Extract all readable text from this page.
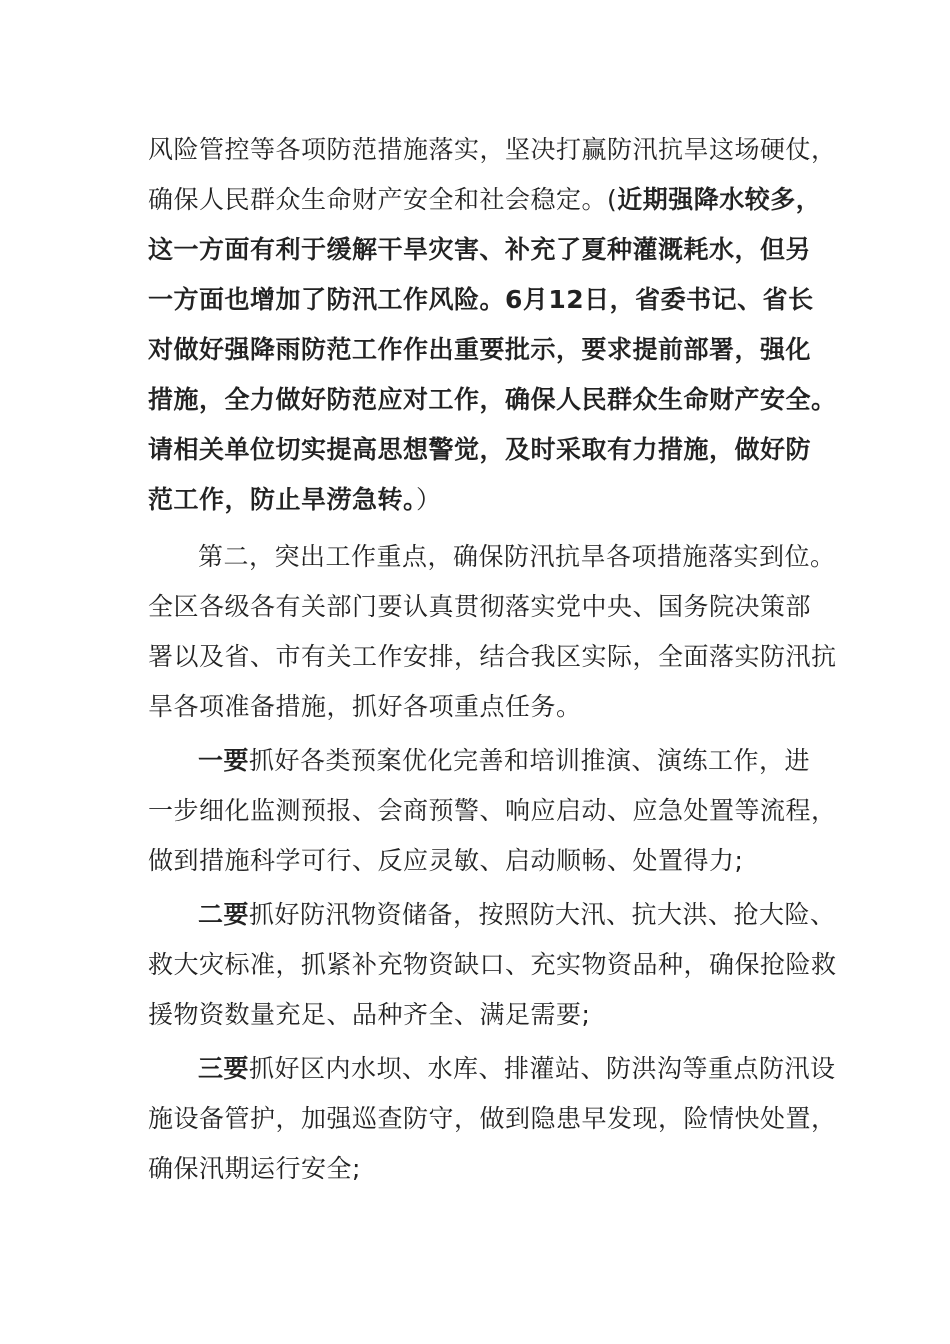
风险管控等各项防范措施落实，坚决打赢防汛抗旱这场硬仗，
确保人民群众生命财产安全和社会稳定。(近期强降水较多，
这一方面有利于缓解干旱灾害、补充了夏种灌溉耗水，但另
一方面也增加了防汛工作风险。6月12日，省委书记、省长
对做好强降雨防范工作作出重要批示，要求提前部署，强化
措施，全力做好防范应对工作，确保人民群众生命财产安全。
请相关单位切实提高思想警觉，及时采取有力措施，做好防
范工作，防止旱涝急转。）
第二，突出工作重点，确保防汛抗旱各项措施落实到位。
全区各级各有关部门要认真贯彻落实党中央、国务院决策部
署以及省、市有关工作安排，结合我区实际，全面落实防汛抗
旱各项准备措施，抓好各项重点任务。
一要抓好各类预案优化完善和培训推演、演练工作，进
一步细化监测预报、会商预警、响应启动、应急处置等流程，
做到措施科学可行、反应灵敏、启动顺畅、处置得力;
二要抓好防汛物资储备，按照防大汛、抗大洪、抢大险、
救大灾标准，抓紧补充物资缺口、充实物资品种，确保抢险救
援物资数量充足、品种齐全、满足需要;
三要抓好区内水坝、水库、排灌站、防洪沟等重点防汛设
施设备管护，加强巡查防守，做到隐患早发现，险情快处置，
确保汛期运行安全;
